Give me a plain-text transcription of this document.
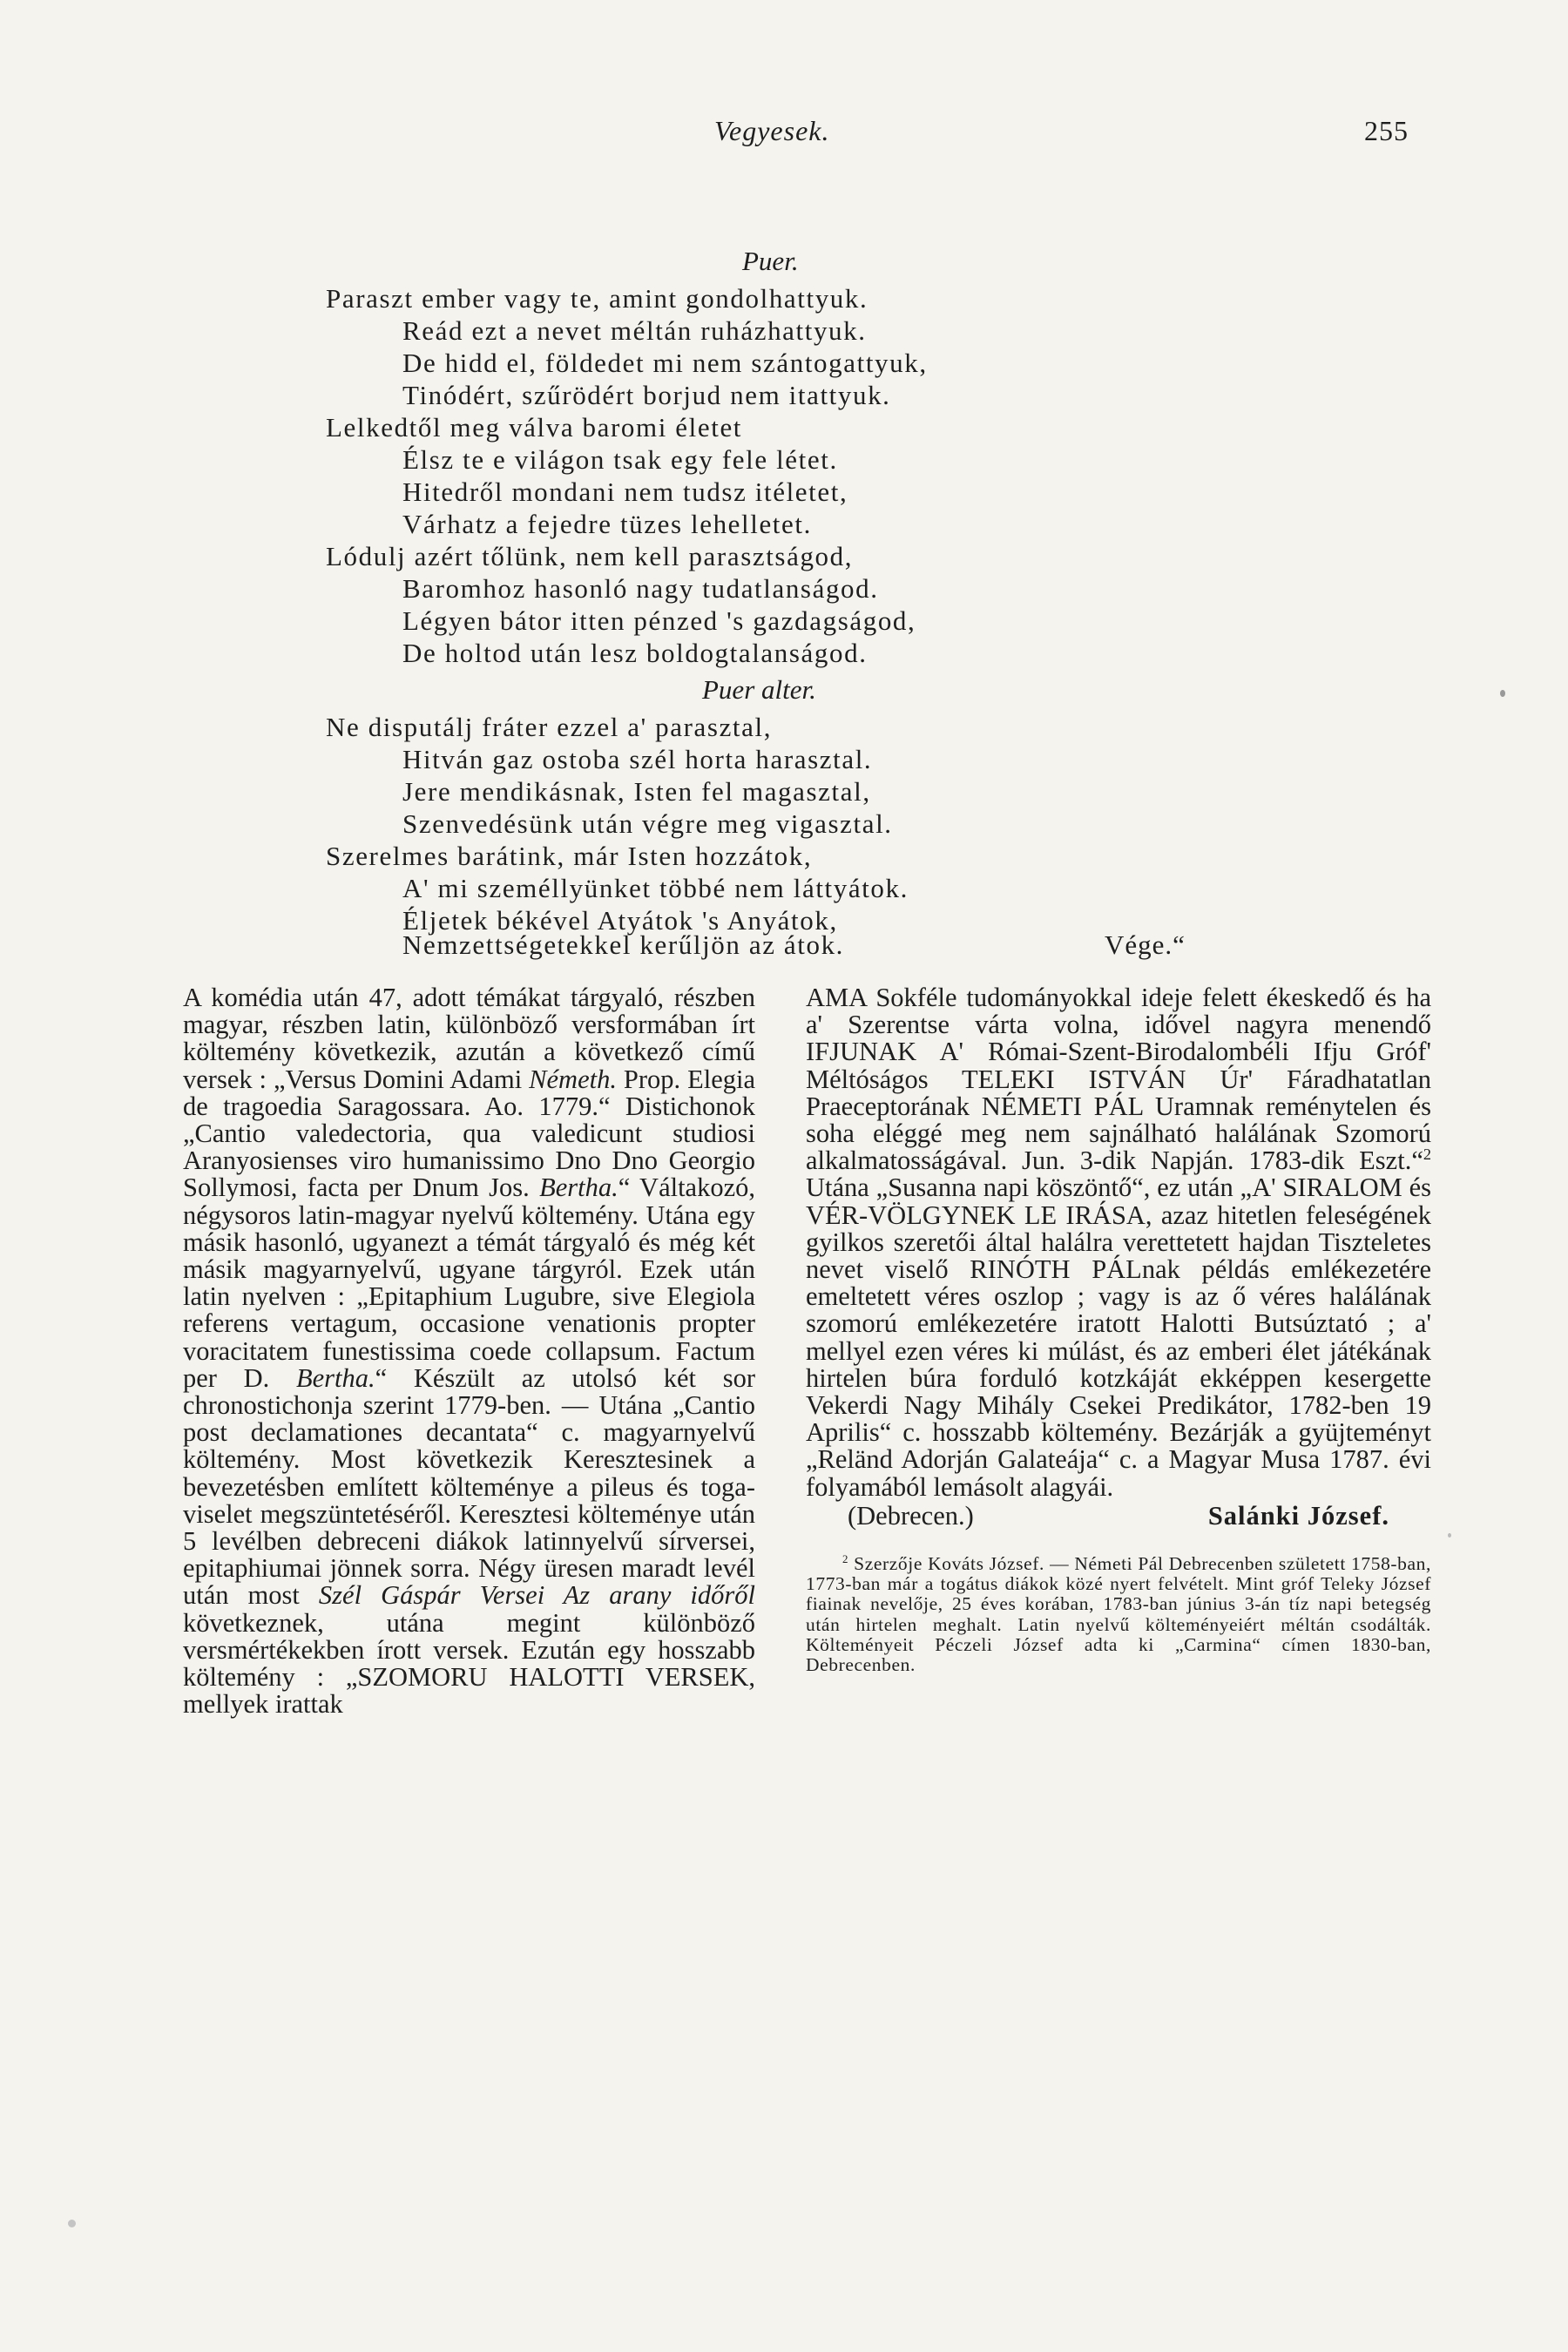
Vegyesek.	255
Puer.
Paraszt ember vagy te, amint gondolhattyuk.
Reád ezt a nevet méltán ruházhattyuk.
De hidd el, földedet mi nem szántogattyuk,
Tinódért, szűrödért borjud nem itattyuk.
Lelkedtől meg válva baromi életet
Élsz te e világon tsak egy fele létet.
Hitedről mondani nem tudsz itéletet,
Várhatz a fejedre tüzes lehelletet.
Lódulj azért tőlünk, nem kell parasztságod,
Baromhoz hasonló nagy tudatlanságod.
Légyen bátor itten pénzed 's gazdagságod,
De holtod után lesz boldogtalanságod.
Puer alter.
Ne disputálj fráter ezzel a' parasztal,
Hitván gaz ostoba szél horta harasztal.
Jere mendikásnak, Isten fel magasztal,
Szenvedésünk után végre meg vigasztal.
Szerelmes barátink, már Isten hozzátok,
A' mi személlyünket többé nem láttyátok.
Éljetek békével Atyátok 's Anyátok,
Nemzettségetekkel kerűljön az átok.	Vége.“

A komédia után 47, adott témákat tárgyaló, részben magyar, részben latin, különböző versformában írt költemény következik, azután a következő című versek : „Versus Domini Adami Németh. Prop. Elegia de tragoedia Saragossara. Ao. 1779.“ Distichonok „Cantio valedectoria, qua valedicunt studiosi Aranyosienses viro humanissimo Dno Dno Georgio Sollymosi, facta per Dnum Jos. Bertha.“ Váltakozó, négysoros latin-magyar nyelvű költemény. Utána egy másik hasonló, ugyanezt a témát tárgyaló és még két másik magyarnyelvű, ugyane tárgyról. Ezek után latin nyelven : „Epitaphium Lugubre, sive Elegiola referens vertagum, occasione venationis propter voracitatem funestissima coede collapsum. Factum per D. Bertha.“ Készült az utolsó két sor chronostichonja szerint 1779-ben. — Utána „Cantio post declamationes decantata“ c. magyarnyelvű költemény. Most következik Keresztesinek a bevezetésben említett költeménye a pileus és toga-viselet megszüntetéséről. Keresztesi költeménye után 5 levélben debreceni diákok latinnyelvű sírversei, epitaphiumai jönnek sorra. Négy üresen maradt levél után most Szél Gáspár Versei Az arany időről következnek, utána megint különböző versmértékekben írott versek. Ezután egy hosszabb költemény : „SZOMORU HALOTTI VERSEK, mellyek irattak

AMA Sokféle tudományokkal ideje felett ékeskedő és ha a' Szerentse várta volna, idővel nagyra menendő IFJUNAK A' Római-Szent-Birodalombéli Ifju Gróf' Méltóságos TELEKI ISTVÁN Úr' Fáradhatatlan Praeceptorának NÉMETI PÁL Uramnak reménytelen és soha eléggé meg nem sajnálható halálának Szomorú alkalmatosságával. Jun. 3-dik Napján. 1783-dik Eszt.“$^2$ Utána „Susanna napi köszöntő“, ez után „A' SIRALOM és VÉR-VÖLGYNEK LE IRÁSA, azaz hitetlen feleségének gyilkos szeretői által halálra verettetett hajdan Tiszteletes nevet viselő RINÓTH PÁLnak példás emlékezetére emeltetett véres oszlop ; vagy is az ő véres halálának szomorú emlékezetére iratott Halotti Butsúztató ; a' mellyel ezen véres ki múlást, és az emberi élet játékának hirtelen búra forduló kotzkáját ekképpen kesergette Vekerdi Nagy Mihály Csekei Predikátor, 1782-ben 19 Aprilis“ c. hosszabb költemény. Bezárják a gyüjteményt „Reländ Adorján Galateája“ c. a Magyar Musa 1787. évi folyamából lemásolt alagyái.

(Debrecen.)	Salánki József.

$^2$ Szerzője Kováts József. — Németi Pál Debrecenben született 1758-ban, 1773-ban már a togátus diákok közé nyert felvételt. Mint gróf Teleky József fiainak nevelője, 25 éves korában, 1783-ban június 3-án tíz napi betegség után hirtelen meghalt. Latin nyelvű költeményeiért méltán csodálták. Költeményeit Péczeli József adta ki „Carmina“ címen 1830-ban, Debrecenben.
